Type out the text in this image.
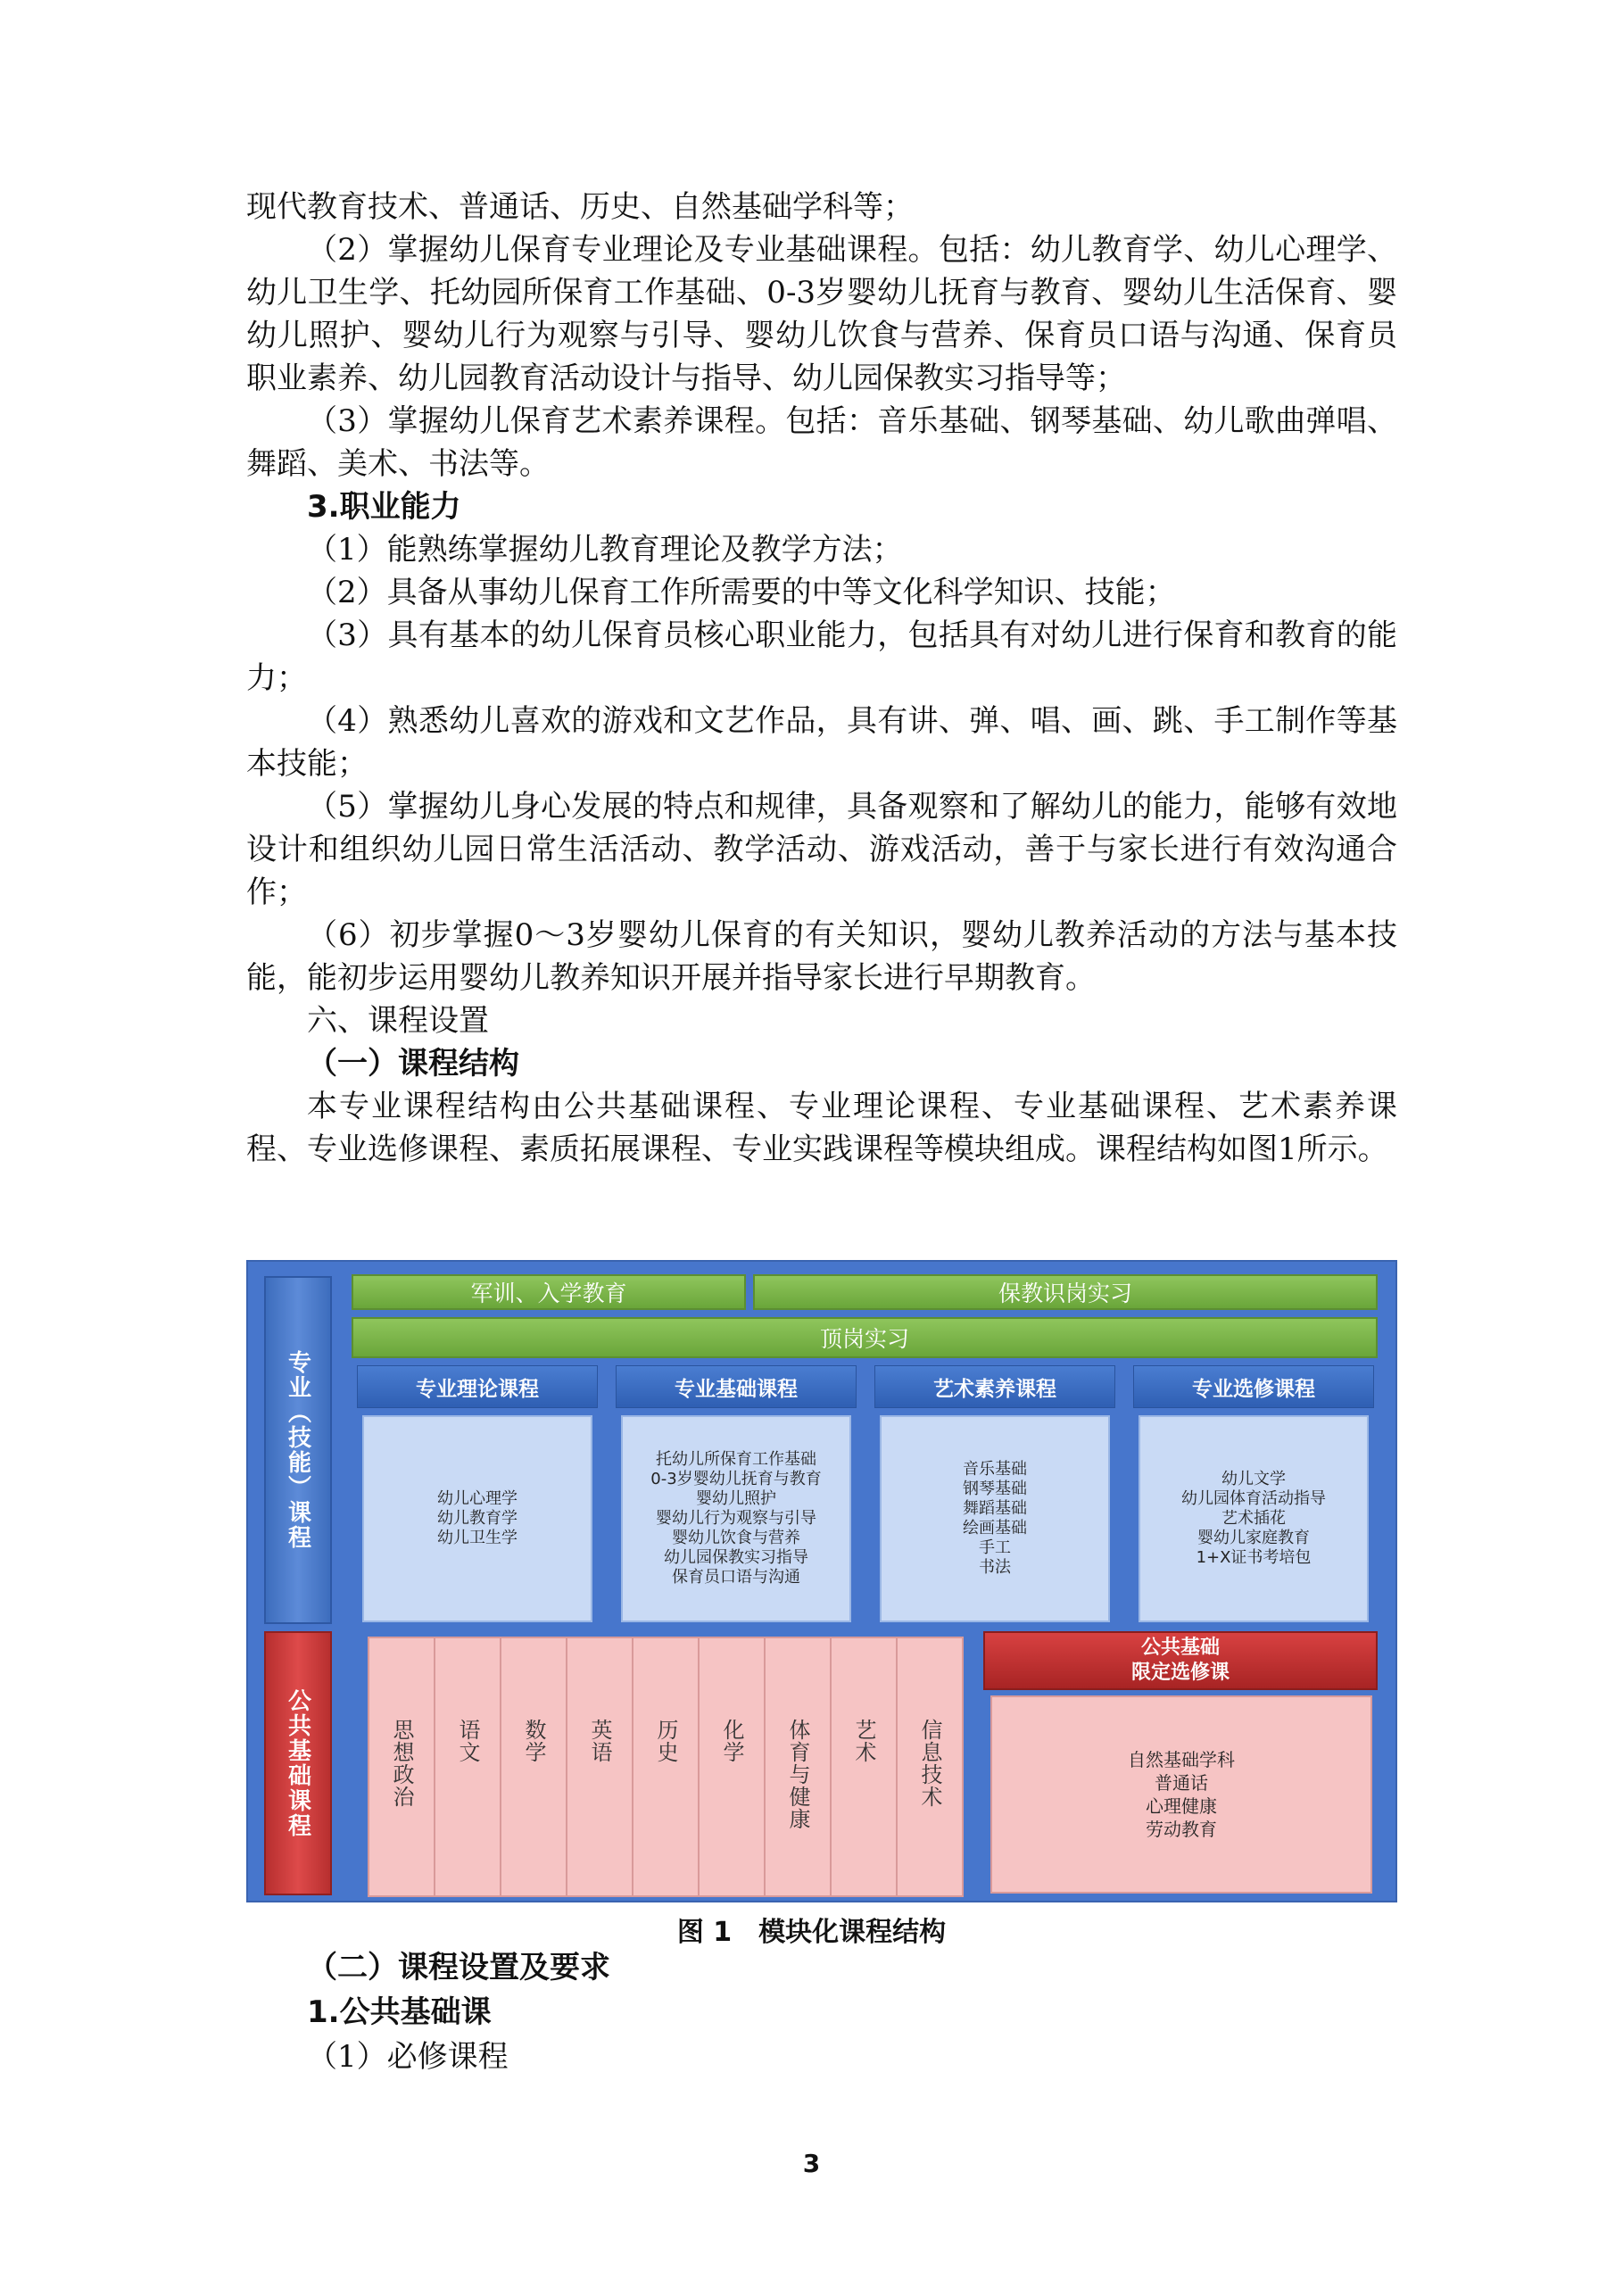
现代教育技术、普通话、历史、自然基础学科等；

（2）掌握幼儿保育专业理论及专业基础课程。包括：幼儿教育学、幼儿心理学、幼儿卫生学、托幼园所保育工作基础、0-3岁婴幼儿抚育与教育、婴幼儿生活保育、婴幼儿照护、婴幼儿行为观察与引导、婴幼儿饮食与营养、保育员口语与沟通、保育员职业素养、幼儿园教育活动设计与指导、幼儿园保教实习指导等；

（3）掌握幼儿保育艺术素养课程。包括：音乐基础、钢琴基础、幼儿歌曲弹唱、舞蹈、美术、书法等。

3.职业能力

（1）能熟练掌握幼儿教育理论及教学方法；

（2）具备从事幼儿保育工作所需要的中等文化科学知识、技能；

（3）具有基本的幼儿保育员核心职业能力，包括具有对幼儿进行保育和教育的能力；

（4）熟悉幼儿喜欢的游戏和文艺作品，具有讲、弹、唱、画、跳、手工制作等基本技能；

（5）掌握幼儿身心发展的特点和规律，具备观察和了解幼儿的能力，能够有效地设计和组织幼儿园日常生活活动、教学活动、游戏活动，善于与家长进行有效沟通合作；

（6）初步掌握0～3岁婴幼儿保育的有关知识，婴幼儿教养活动的方法与基本技能，能初步运用婴幼儿教养知识开展并指导家长进行早期教育。

六、课程设置

（一）课程结构

本专业课程结构由公共基础课程、专业理论课程、专业基础课程、艺术素养课程、专业选修课程、素质拓展课程、专业实践课程等模块组成。课程结构如图1所示。

军训、入学教育	保教识岗实习
顶岗实习
专业（技能）课程
公共基础课程
专业理论课程
幼儿心理学
幼儿教育学
幼儿卫生学
专业基础课程
托幼儿所保育工作基础
0-3岁婴幼儿抚育与教育
婴幼儿照护
婴幼儿行为观察与引导
婴幼儿饮食与营养
幼儿园保教实习指导
保育员口语与沟通
艺术素养课程
音乐基础
钢琴基础
舞蹈基础
绘画基础
手工
书法
专业选修课程
幼儿文学
幼儿园体育活动指导
艺术插花
婴幼儿家庭教育
1+X证书考培包
思想政治 语文 数学 英语 历史 化学 体育与健康 艺术 信息技术
公共基础
限定选修课
自然基础学科
普通话
心理健康
劳动教育
图 1　模块化课程结构

（二）课程设置及要求

1.公共基础课

（1）必修课程

3
